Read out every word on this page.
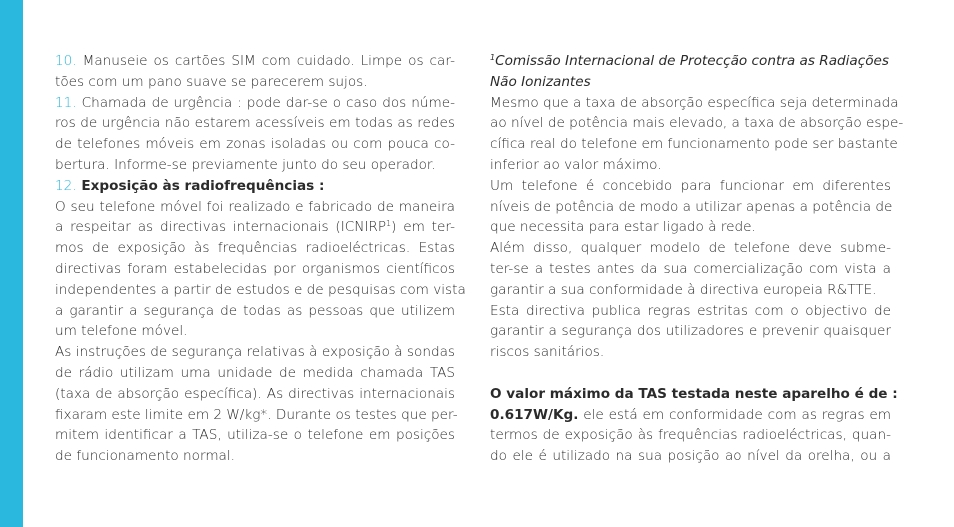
10. Manuseie os cartões SIM com cuidado. Limpe os car-
tões com um pano suave se parecerem sujos.

11. Chamada de urgência : pode dar-se o caso dos núme-
ros de urgência não estarem acessíveis em todas as redes
de telefones móveis em zonas isoladas ou com pouca co-
bertura. Informe-se previamente junto do seu operador.

12. Exposição às radiofrequências :

O seu telefone móvel foi realizado e fabricado de maneira
a respeitar as directivas internacionais (ICNIRP$^1$) em ter-
mos de exposição às frequências radioeléctricas. Estas
directivas foram estabelecidas por organismos científicos
independentes a partir de estudos e de pesquisas com vista
a garantir a segurança de todas as pessoas que utilizem
um telefone móvel.

As instruções de segurança relativas à exposição à sondas
de rádio utilizam uma unidade de medida chamada TAS
(taxa de absorção específica). As directivas internacionais
fixaram este limite em 2 W/kg*. Durante os testes que per-
mitem identificar a TAS, utiliza-se o telefone em posições
de funcionamento normal.

$^1$Comissão Internacional de Protecção contra as Radiações
Não Ionizantes

Mesmo que a taxa de absorção específica seja determinada
ao nível de potência mais elevado, a taxa de absorção espe-
cífica real do telefone em funcionamento pode ser bastante
inferior ao valor máximo.

Um telefone é concebido para funcionar em diferentes
níveis de potência de modo a utilizar apenas a potência de
que necessita para estar ligado à rede.

Além disso, qualquer modelo de telefone deve subme-
ter-se a testes antes da sua comercialização com vista a
garantir a sua conformidade à directiva europeia R&TTE.

Esta directiva publica regras estritas com o objectivo de
garantir a segurança dos utilizadores e prevenir quaisquer
riscos sanitários.

O valor máximo da TAS testada neste aparelho é de :
0.617W/Kg. ele está em conformidade com as regras em
termos de exposição às frequências radioeléctricas, quan-
do ele é utilizado na sua posição ao nível da orelha, ou a
